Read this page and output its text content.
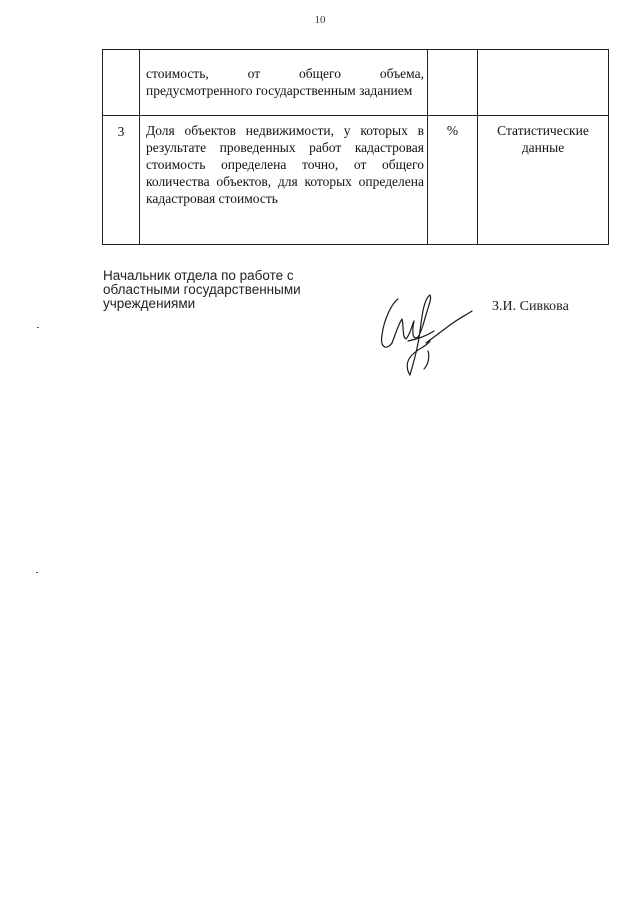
10

	стоимость, от общего объема, предусмотренного государственным заданием		

3	Доля объектов недвижимости, у которых в результате проведенных работ кадастровая стоимость определена точно, от общего количества объектов, для которых определена кадастровая стоимость	%	Статистические данные
Начальник отдела по работе с областными государственными учреждениями	З.И. Сивкова
